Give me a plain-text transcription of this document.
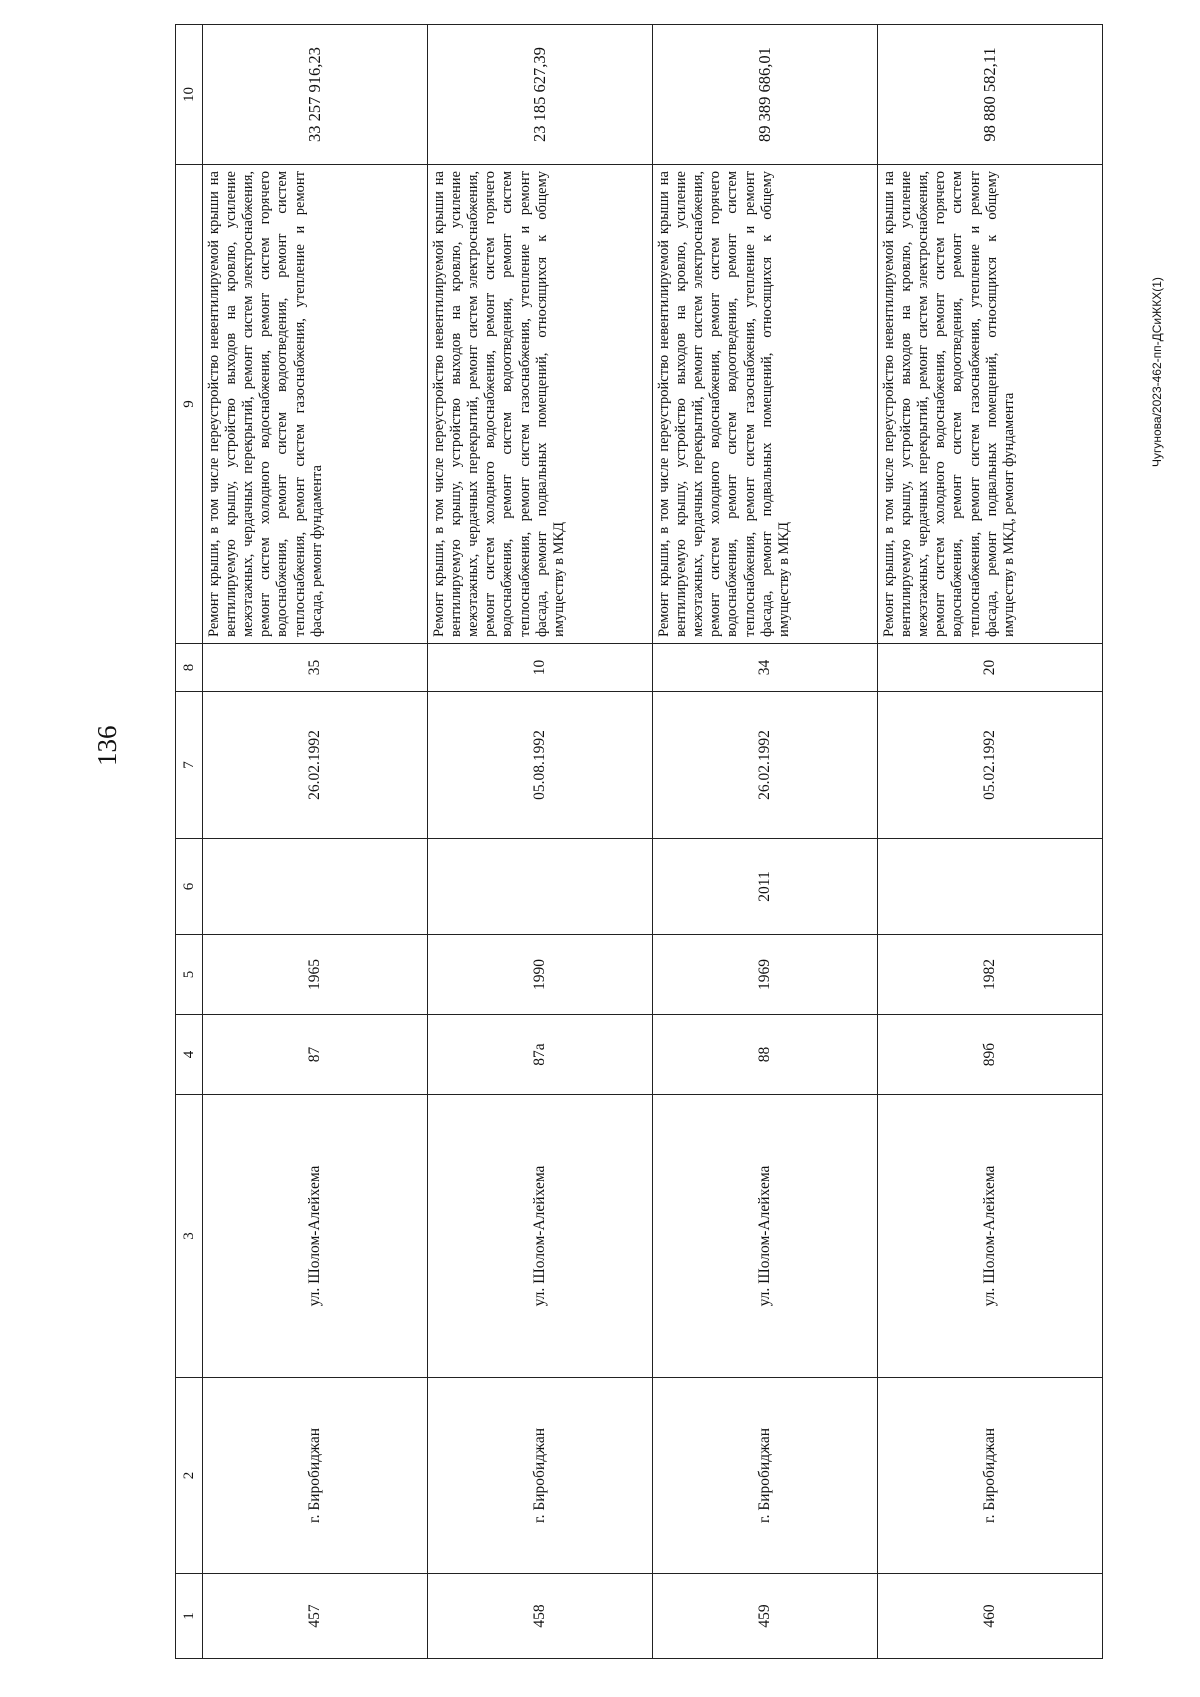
136
1	2	3	4	5	6	7	8	9	10
457	г. Биробиджан	ул. Шолом-Алейхема	87	1965		26.02.1992	35	Ремонт крыши, в том числе переустройство невентилируемой крыши на вентилируемую крышу, устройство выходов на кровлю, усиление межэтажных, чердачных перекрытий, ремонт систем электроснабжения, ремонт систем холодного водоснабжения, ремонт систем горячего водоснабжения, ремонт систем водоотведения, ремонт систем теплоснабжения, ремонт систем газоснабжения, утепление и ремонт фасада, ремонт фундамента	33 257 916,23
458	г. Биробиджан	ул. Шолом-Алейхема	87а	1990		05.08.1992	10	Ремонт крыши, в том числе переустройство невентилируемой крыши на вентилируемую крышу, устройство выходов на кровлю, усиление межэтажных, чердачных перекрытий, ремонт систем электроснабжения, ремонт систем холодного водоснабжения, ремонт систем горячего водоснабжения, ремонт систем водоотведения, ремонт систем теплоснабжения, ремонт систем газоснабжения, утепление и ремонт фасада, ремонт подвальных помещений, относящихся к общему имуществу в МКД	23 185 627,39
459	г. Биробиджан	ул. Шолом-Алейхема	88	1969	2011	26.02.1992	34	Ремонт крыши, в том числе переустройство невентилируемой крыши на вентилируемую крышу, устройство выходов на кровлю, усиление межэтажных, чердачных перекрытий, ремонт систем электроснабжения, ремонт систем холодного водоснабжения, ремонт систем горячего водоснабжения, ремонт систем водоотведения, ремонт систем теплоснабжения, ремонт систем газоснабжения, утепление и ремонт фасада, ремонт подвальных помещений, относящихся к общему имуществу в МКД	89 389 686,01
460	г. Биробиджан	ул. Шолом-Алейхема	89б	1982		05.02.1992	20	Ремонт крыши, в том числе переустройство невентилируемой крыши на вентилируемую крышу, устройство выходов на кровлю, усиление межэтажных, чердачных перекрытий, ремонт систем электроснабжения, ремонт систем холодного водоснабжения, ремонт систем горячего водоснабжения, ремонт систем водоотведения, ремонт систем теплоснабжения, ремонт систем газоснабжения, утепление и ремонт фасада, ремонт подвальных помещений, относящихся к общему имуществу в МКД, ремонт фундамента	98 880 582,11
Чугунова/2023-462-пп-ДСиЖКХ(1)
